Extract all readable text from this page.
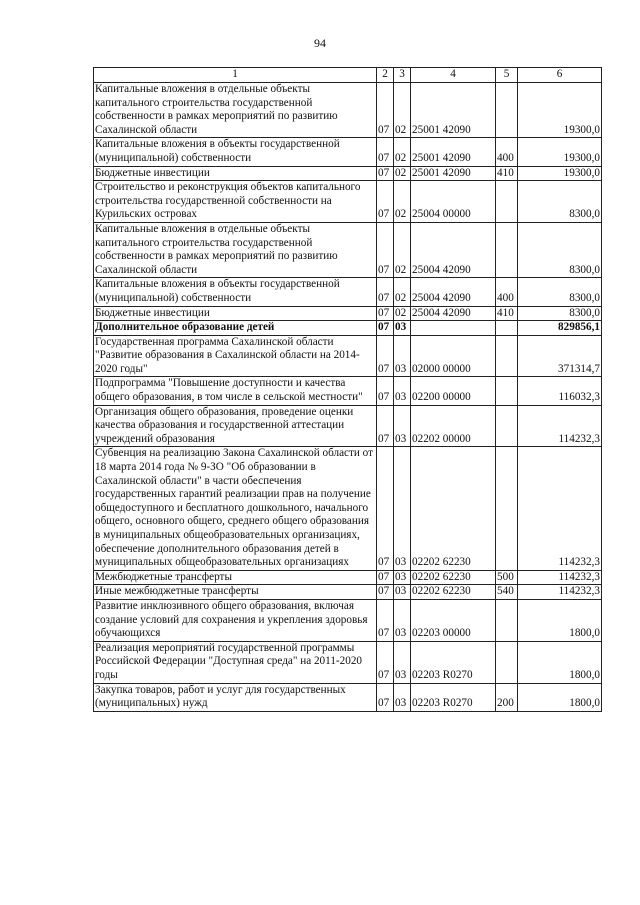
94
1	2	3	4	5	6
Капитальные вложения в отдельные объекты капитального строительства государственной собственности в рамках мероприятий по развитию Сахалинской области	07	02	25001 42090		19300,0
Капитальные вложения в объекты государственной (муниципальной) собственности	07	02	25001 42090	400	19300,0
Бюджетные инвестиции	07	02	25001 42090	410	19300,0
Строительство и реконструкция объектов капитального строительства государственной собственности на Курильских островах	07	02	25004 00000		8300,0
Капитальные вложения в отдельные объекты капитального строительства государственной собственности в рамках мероприятий по развитию Сахалинской области	07	02	25004 42090		8300,0
Капитальные вложения в объекты государственной (муниципальной) собственности	07	02	25004 42090	400	8300,0
Бюджетные инвестиции	07	02	25004 42090	410	8300,0
Дополнительное образование детей	07	03			829856,1
Государственная программа Сахалинской области "Развитие образования в Сахалинской области на 2014-2020 годы"	07	03	02000 00000		371314,7
Подпрограмма "Повышение доступности и качества общего образования, в том числе в сельской местности"	07	03	02200 00000		116032,3
Организация общего образования, проведение оценки качества образования и государственной аттестации учреждений образования	07	03	02202 00000		114232,3
Субвенция на реализацию Закона Сахалинской области от 18 марта 2014 года № 9-ЗО "Об образовании в Сахалинской области" в части обеспечения государственных гарантий реализации прав на получение общедоступного и бесплатного дошкольного, начального общего, основного общего, среднего общего образования в муниципальных общеобразовательных организациях, обеспечение дополнительного образования детей в муниципальных общеобразовательных организациях	07	03	02202 62230		114232,3
Межбюджетные трансферты	07	03	02202 62230	500	114232,3
Иные межбюджетные трансферты	07	03	02202 62230	540	114232,3
Развитие инклюзивного общего образования, включая создание условий для сохранения и укрепления здоровья обучающихся	07	03	02203 00000		1800,0
Реализация мероприятий государственной программы Российской Федерации "Доступная среда" на 2011-2020 годы	07	03	02203 R0270		1800,0
Закупка товаров, работ и услуг для государственных (муниципальных) нужд	07	03	02203 R0270	200	1800,0
